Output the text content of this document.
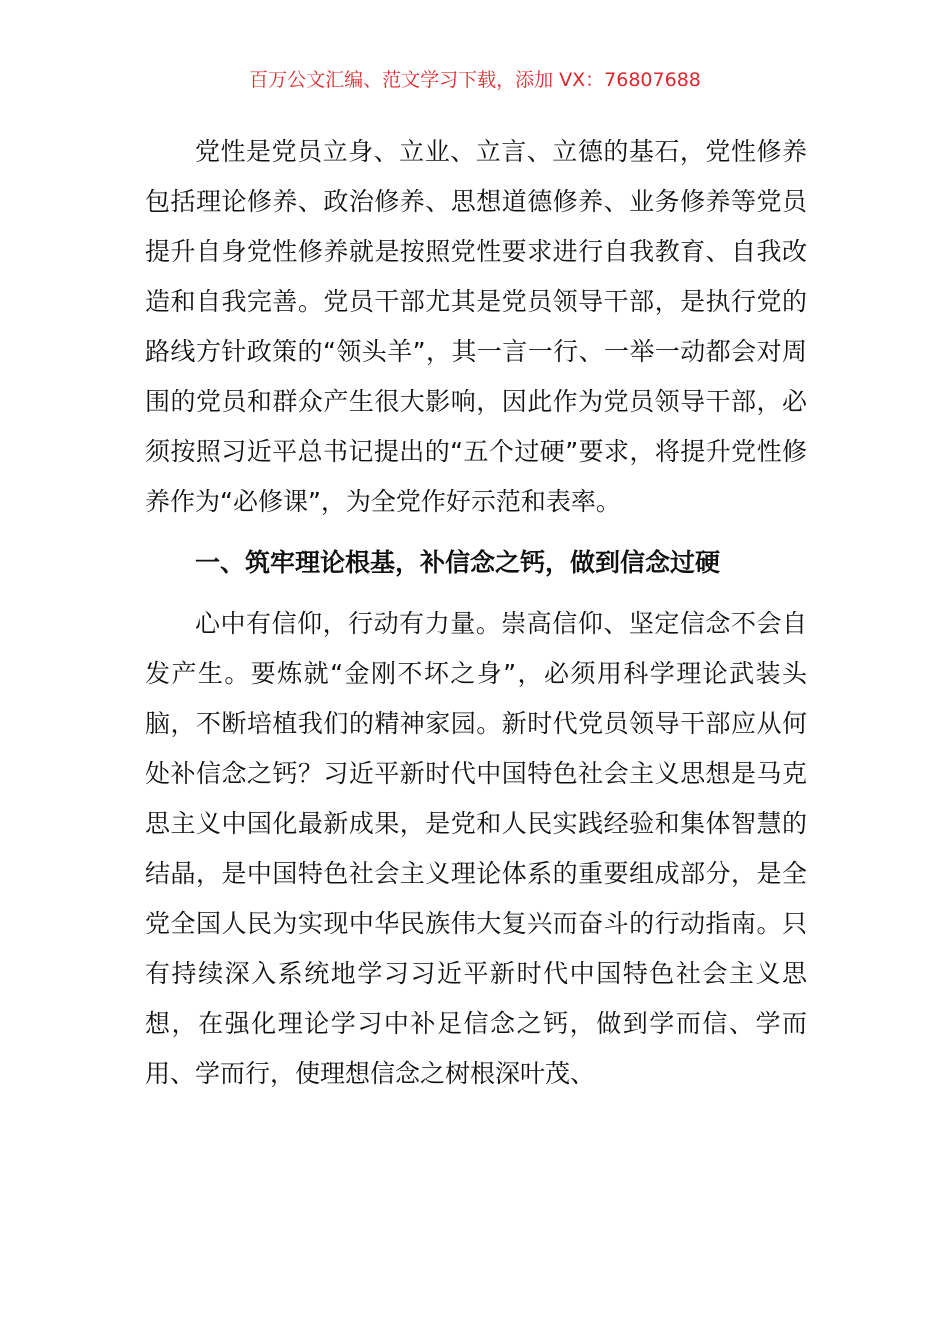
百万公文汇编、范文学习下载，添加 VX：76807688

党性是党员立身、立业、立言、立德的基石，党性修养包括理论修养、政治修养、思想道德修养、业务修养等党员提升自身党性修养就是按照党性要求进行自我教育、自我改造和自我完善。党员干部尤其是党员领导干部，是执行党的路线方针政策的“领头羊”，其一言一行、一举一动都会对周围的党员和群众产生很大影响，因此作为党员领导干部，必须按照习近平总书记提出的“五个过硬”要求，将提升党性修养作为“必修课”，为全党作好示范和表率。

一、筑牢理论根基，补信念之钙，做到信念过硬

心中有信仰，行动有力量。崇高信仰、坚定信念不会自发产生。要炼就“金刚不坏之身”，必须用科学理论武装头脑，不断培植我们的精神家园。新时代党员领导干部应从何处补信念之钙？习近平新时代中国特色社会主义思想是马克思主义中国化最新成果，是党和人民实践经验和集体智慧的结晶，是中国特色社会主义理论体系的重要组成部分，是全党全国人民为实现中华民族伟大复兴而奋斗的行动指南。只有持续深入系统地学习习近平新时代中国特色社会主义思想，在强化理论学习中补足信念之钙，做到学而信、学而用、学而行，使理想信念之树根深叶茂、
